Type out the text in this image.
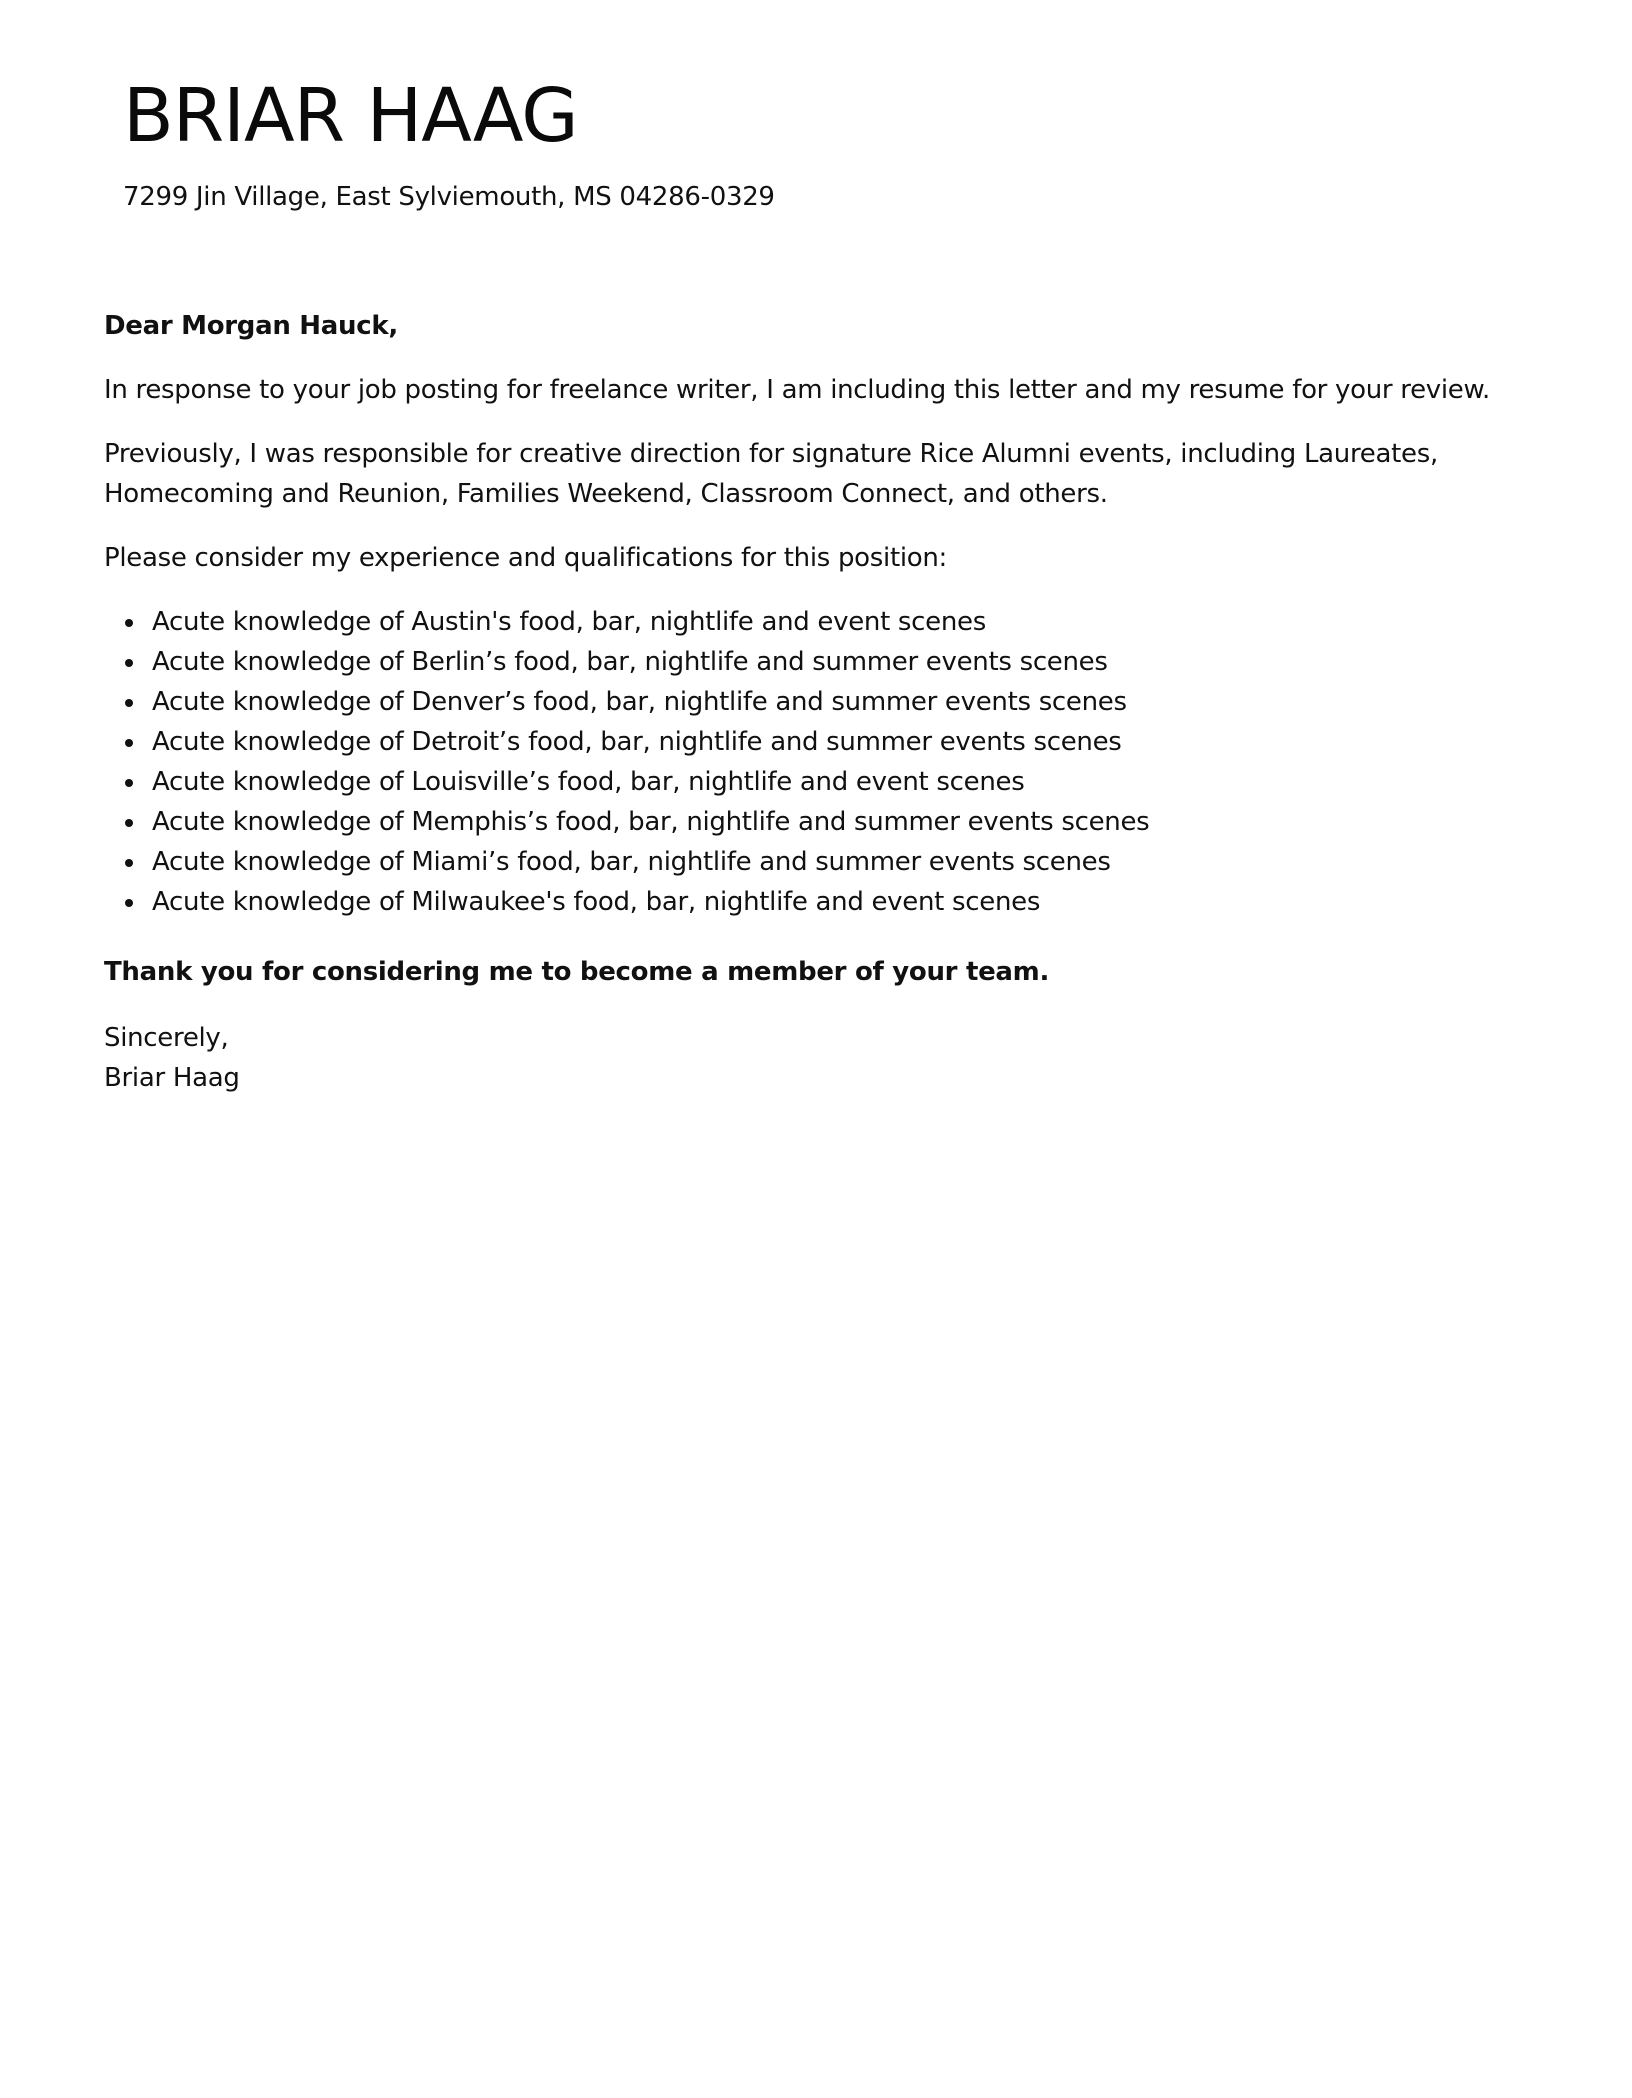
BRIAR HAAG
7299 Jin Village, East Sylviemouth, MS 04286-0329

Dear Morgan Hauck,

In response to your job posting for freelance writer, I am including this letter and my resume for your review.

Previously, I was responsible for creative direction for signature Rice Alumni events, including Laureates, Homecoming and Reunion, Families Weekend, Classroom Connect, and others.

Please consider my experience and qualifications for this position:

Acute knowledge of Austin's food, bar, nightlife and event scenes
Acute knowledge of Berlin’s food, bar, nightlife and summer events scenes
Acute knowledge of Denver’s food, bar, nightlife and summer events scenes
Acute knowledge of Detroit’s food, bar, nightlife and summer events scenes
Acute knowledge of Louisville’s food, bar, nightlife and event scenes
Acute knowledge of Memphis’s food, bar, nightlife and summer events scenes
Acute knowledge of Miami’s food, bar, nightlife and summer events scenes
Acute knowledge of Milwaukee's food, bar, nightlife and event scenes

Thank you for considering me to become a member of your team.

Sincerely,
Briar Haag
